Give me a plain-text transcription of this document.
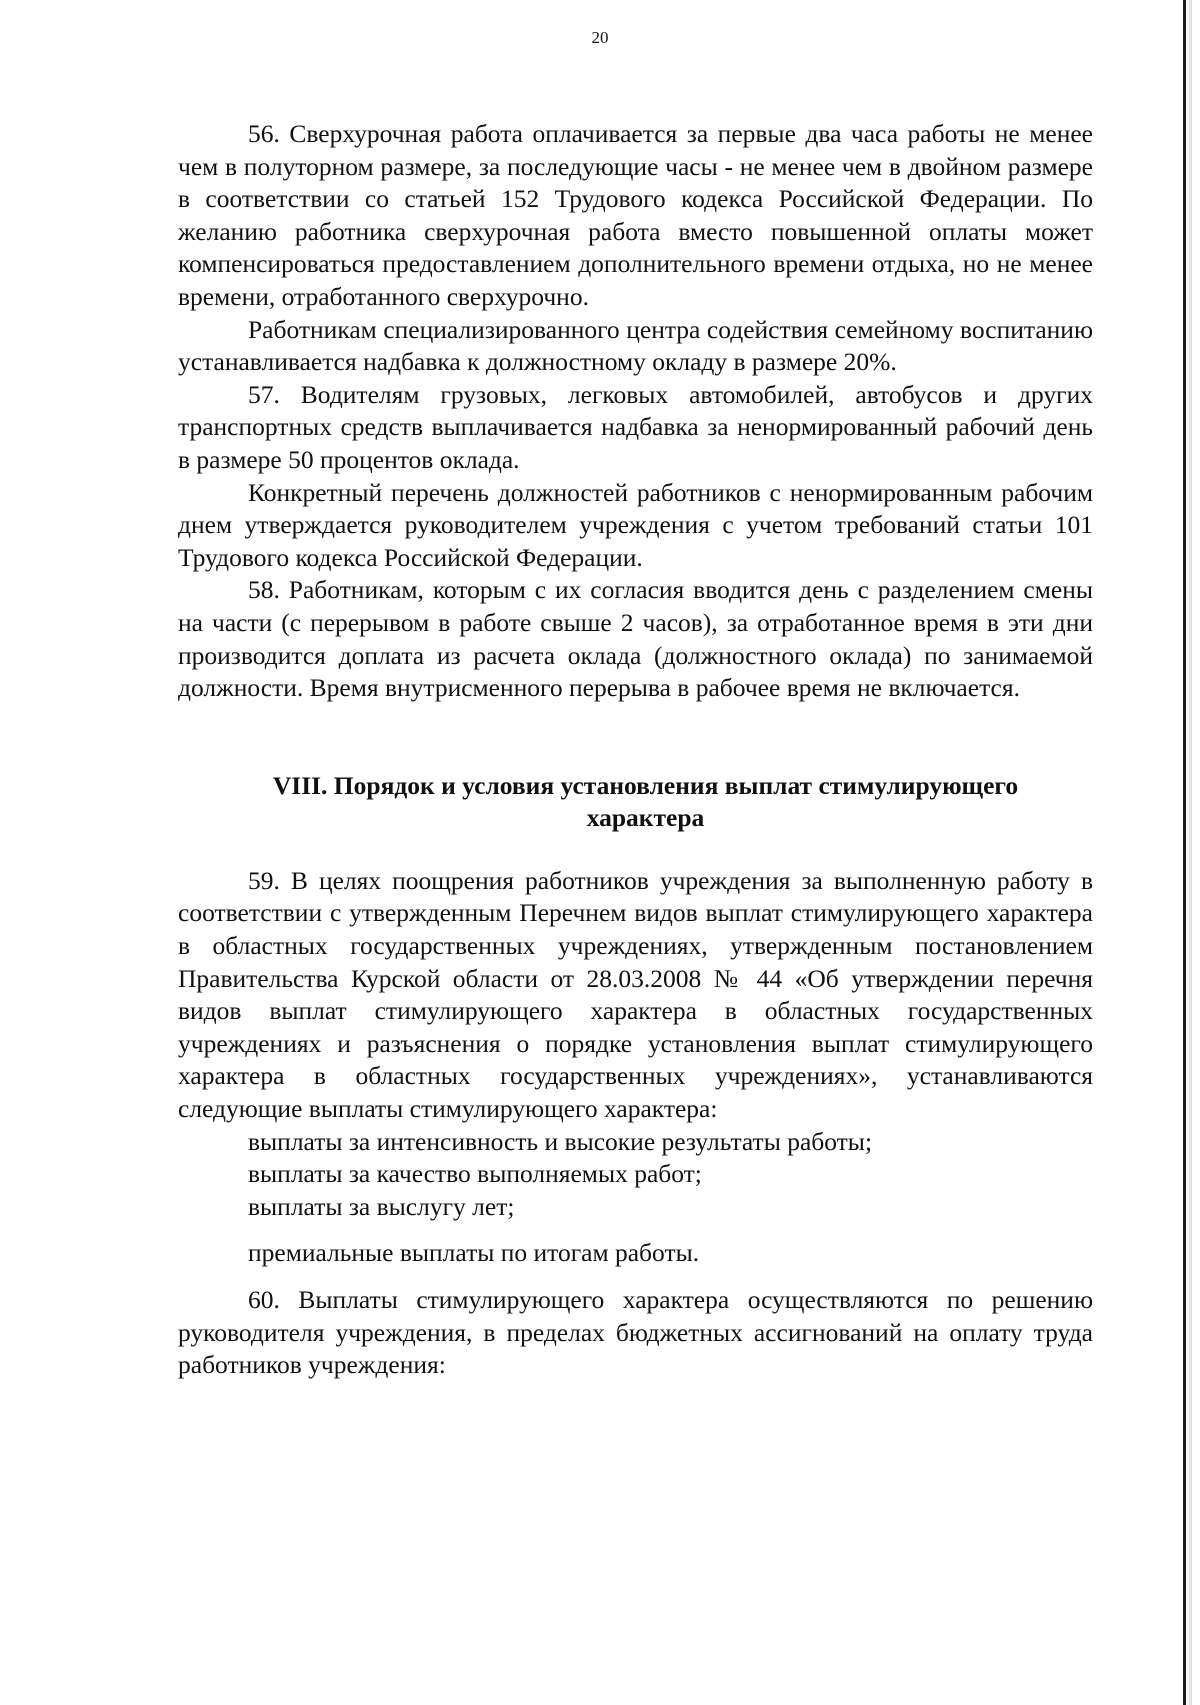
20

56. Сверхурочная работа оплачивается за первые два часа работы не менее чем в полуторном размере, за последующие часы - не менее чем в двойном размере в соответствии со статьей 152 Трудового кодекса Российской Федерации. По желанию работника сверхурочная работа вместо повышенной оплаты может компенсироваться предоставлением дополнительного времени отдыха, но не менее времени, отработанного сверхурочно.

Работникам специализированного центра содействия семейному воспитанию устанавливается надбавка к должностному окладу в размере 20%.

57. Водителям грузовых, легковых автомобилей, автобусов и других транспортных средств выплачивается надбавка за ненормированный рабочий день в размере 50 процентов оклада.

Конкретный перечень должностей работников с ненормированным рабочим днем утверждается руководителем учреждения с учетом требований статьи 101 Трудового кодекса Российской Федерации.

58. Работникам, которым с их согласия вводится день с разделением смены на части (с перерывом в работе свыше 2 часов), за отработанное время в эти дни производится доплата из расчета оклада (должностного оклада) по занимаемой должности. Время внутрисменного перерыва в рабочее время не включается.

VIII. Порядок и условия установления выплат стимулирующего

характера

59. В целях поощрения работников учреждения за выполненную работу в соответствии с утвержденным Перечнем видов выплат стимулирующего характера в областных государственных учреждениях, утвержденным постановлением Правительства Курской области от 28.03.2008 № 44 «Об утверждении перечня видов выплат стимулирующего характера в областных государственных учреждениях и разъяснения о порядке установления выплат стимулирующего характера в областных государственных учреждениях», устанавливаются следующие выплаты стимулирующего характера:

выплаты за интенсивность и высокие результаты работы;

выплаты за качество выполняемых работ;

выплаты за выслугу лет;

премиальные выплаты по итогам работы.

60. Выплаты стимулирующего характера осуществляются по решению руководителя учреждения, в пределах бюджетных ассигнований на оплату труда работников учреждения:
